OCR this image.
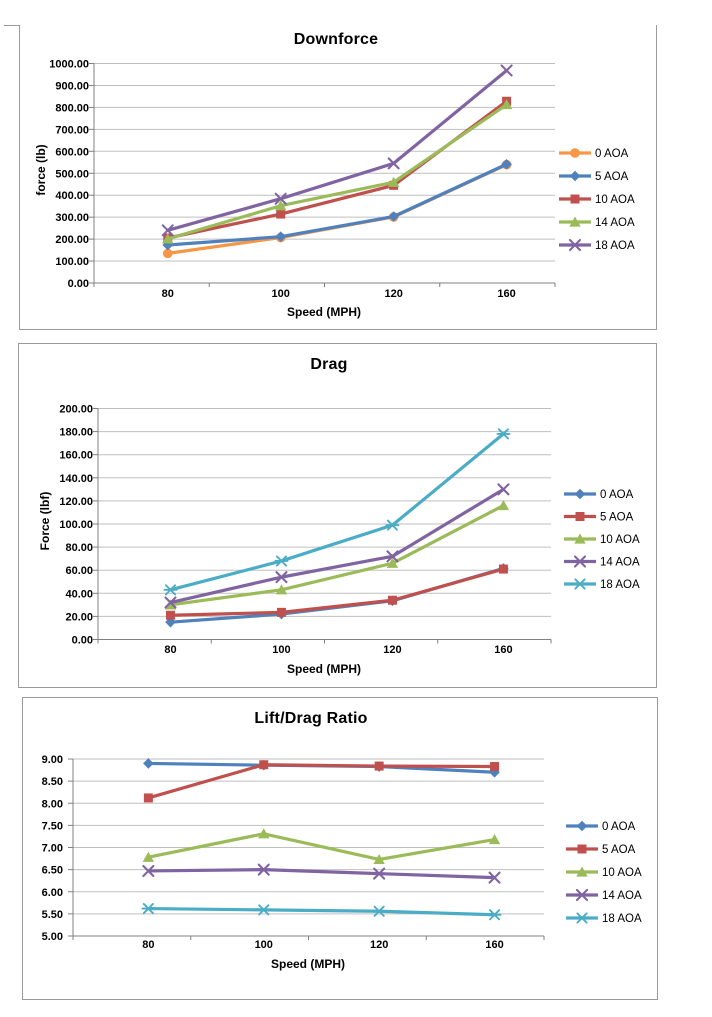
Downforce
force (lb)
Speed (MPH)
1000.00
900.00
800.00
700.00
600.00
500.00
400.00
300.00
200.00
100.00
0.00
80	100	120	160
0 AOA
5 AOA
10 AOA
14 AOA
18 AOA
Drag
Force (lbf)
Speed (MPH)
200.00
180.00
160.00
140.00
120.00
100.00
80.00
60.00
40.00
20.00
0.00
80	100	120	160
0 AOA
5 AOA
10 AOA
14 AOA
18 AOA
Lift/Drag Ratio
Speed (MPH)
9.00
8.50
8.00
7.50
7.00
6.50
6.00
5.50
5.00
80	100	120	160
0 AOA
5 AOA
10 AOA
14 AOA
18 AOA
